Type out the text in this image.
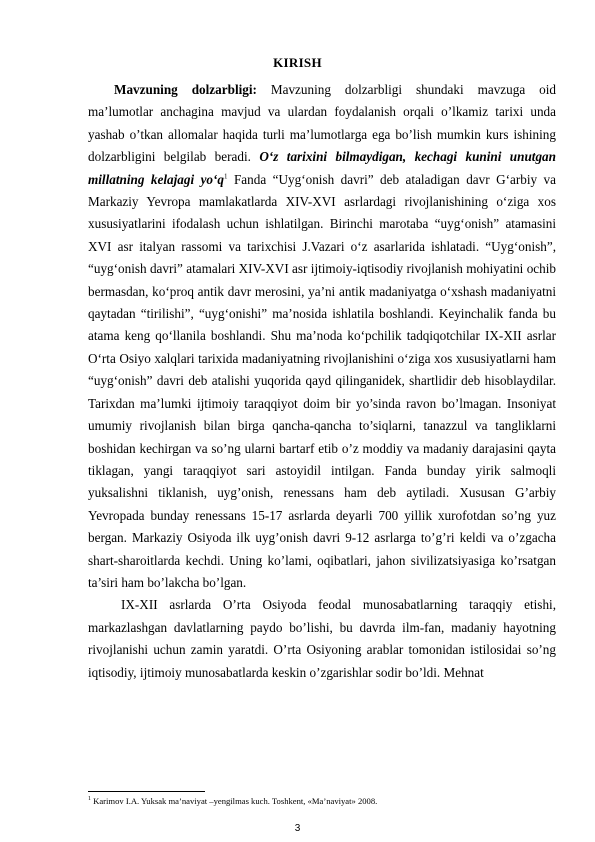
KIRISH

Mavzuning dolzarbligi: Mavzuning dolzarbligi shundaki mavzuga oid ma’lumotlar anchagina mavjud va ulardan foydalanish orqali o’lkamiz tarixi unda yashab o’tkan allomalar haqida turli ma’lumotlarga ega bo’lish mumkin kurs ishining dolzarbligini belgilab beradi. O‘z tarixini bilmaydigan, kechagi kunini unutgan millatning kelajagi $yo‘q^1$ Fanda “Uyg‘onish davri” deb ataladigan davr G‘arbiy va Markaziy Yevropa mamlakatlarda XIV-XVI asrlardagi rivojlanishining o‘ziga xos xususiyatlarini ifodalash uchun ishlatilgan. Birinchi marotaba “uyg‘onish” atamasini XVI asr italyan rassomi va tarixchisi J.Vazari o‘z asarlarida ishlatadi. “Uyg‘onish”, “uyg‘onish davri” atamalari XIV-XVI asr ijtimoiy-iqtisodiy rivojlanish mohiyatini ochib bermasdan, ko‘proq antik davr merosini, ya’ni antik madaniyatga o‘xshash madaniyatni qaytadan “tirilishi”, “uyg‘onishi” ma’nosida ishlatila boshlandi. Keyinchalik fanda bu atama keng qo‘llanila boshlandi. Shu ma’noda ko‘pchilik tadqiqotchilar IX-XII asrlar O‘rta Osiyo xalqlari tarixida madaniyatning rivojlanishini o‘ziga xos xususiyatlarni ham “uyg‘onish” davri deb atalishi yuqorida qayd qilinganidek, shartlidir deb hisoblaydilar. Tarixdan ma’lumki ijtimoiy taraqqiyot doim bir yo’sinda ravon bo’lmagan. Insoniyat umumiy rivojlanish bilan birga qancha-qancha to’siqlarni, tanazzul va tangliklarni boshidan kechirgan va so’ng ularni bartarf etib o’z moddiy va madaniy darajasini qayta tiklagan, yangi taraqqiyot sari astoyidil intilgan. Fanda bunday yirik salmoqli yuksalishni tiklanish, uyg’onish, renessans ham deb aytiladi. Xususan G’arbiy Yevropada bunday renessans 15-17 asrlarda deyarli 700 yillik xurofotdan so’ng yuz bergan. Markaziy Osiyoda ilk uyg’onish davri 9-12 asrlarga to’g’ri keldi va o’zgacha shart-sharoitlarda kechdi. Uning ko’lami, oqibatlari, jahon sivilizatsiyasiga ko’rsatgan ta’siri ham bo’lakcha bo’lgan.

IX-XII asrlarda O’rta Osiyoda feodal munosabatlarning taraqqiy etishi, markazlashgan davlatlarning paydo bo’lishi, bu davrda ilm-fan, madaniy hayotning rivojlanishi uchun zamin yaratdi. O’rta Osiyoning arablar tomonidan istilosidai so’ng iqtisodiy, ijtimoiy munosabatlarda keskin o’zgarishlar sodir bo’ldi. Mehnat

$^1$ Karimov I.A. Yuksak ma’naviyat –yengilmas kuch. Toshkent, «Ma’naviyat» 2008.
3
